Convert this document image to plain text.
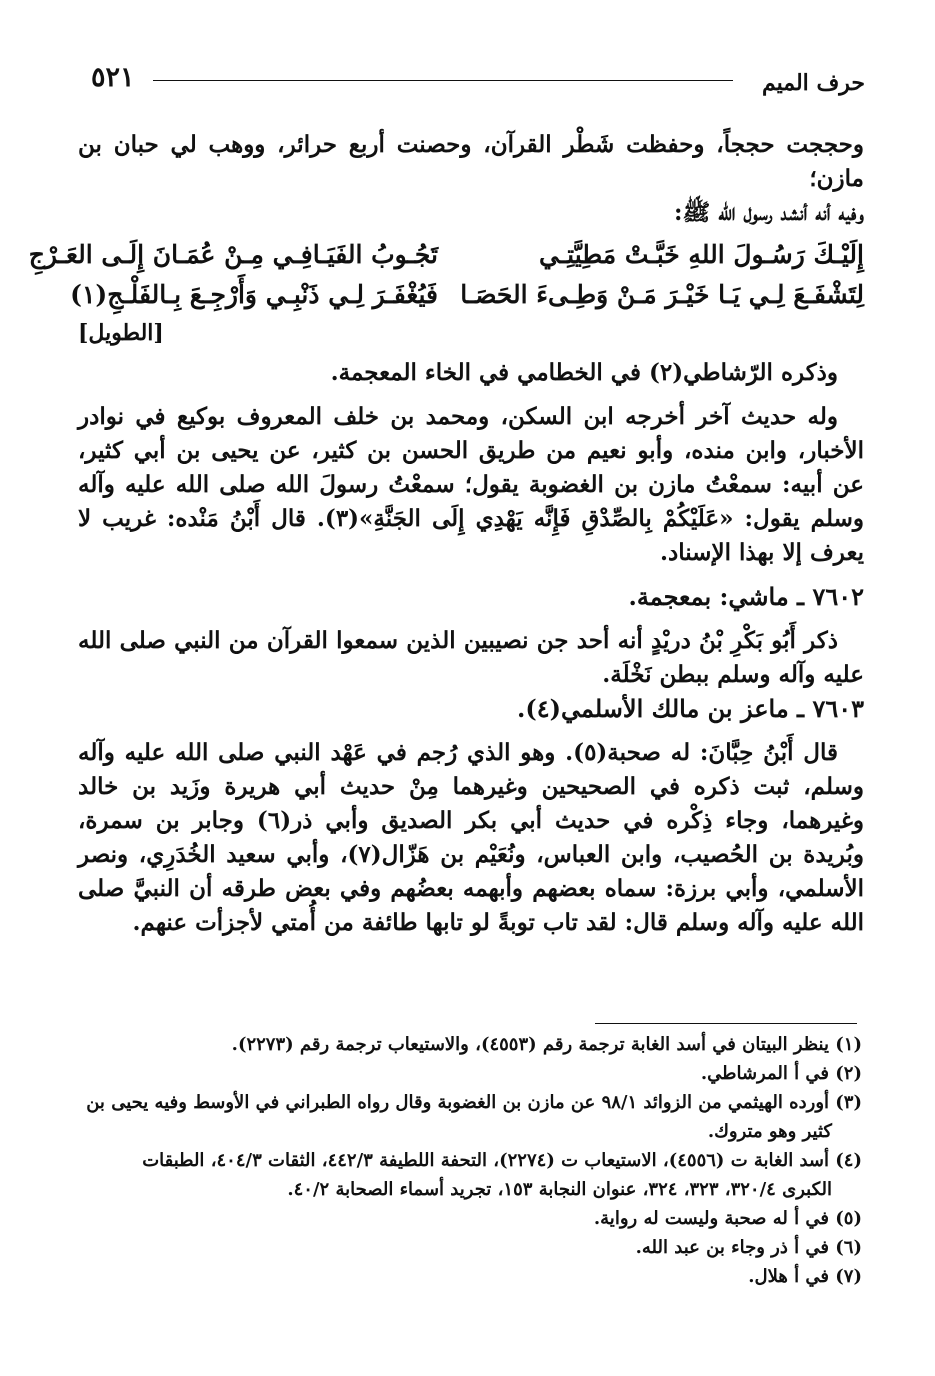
٥٢١	حرف الميم

وحججت حججاً، وحفظت شَطْر القرآن، وحصنت أربع حرائر، ووهب لي حبان بن مازن؛

وفيه أنه أنشد رسول الله ﷺ:

إِلَيْـكَ رَسُـولَ اللهِ خَبَّـتْ مَطِيَّتِـي
تَجُـوبُ الفَيَـافِـي مِـنْ عُمَـانَ إِلَـى العَـرْجِ
لِتَشْفَـعَ لِـي يَـا خَيْـرَ مَـنْ وَطِـىءَ الحَصَـا
فَيُغْفَـرَ لِـي ذَنْبِـي وَأَرْجِـعَ بِـالفَلْـجِ(١)
[الطويل]

وذكره الرّشاطي(٢) في الخطامي في الخاء المعجمة.

وله حديث آخر أخرجه ابن السكن، ومحمد بن خلف المعروف بوكيع في نوادر الأخبار، وابن منده، وأبو نعيم من طريق الحسن بن كثير، عن يحيى بن أبي كثير، عن أبيه: سمعْتُ مازن بن الغضوبة يقول؛ سمعْتُ رسولَ الله صلى الله عليه وآله وسلم يقول: «عَلَيْكُمْ بِالصِّدْقِ فَإِنَّه يَهْدِي إِلَى الجَنَّةِ»(٣). قال أَبْنُ مَنْده: غريب لا يعرف إلا بهذا الإسناد.

٧٦٠٢ ـ ماشي: بمعجمة.

ذكر أَبُو بَكْرِ بْنُ دريْدٍ أنه أحد جن نصيبين الذين سمعوا القرآن من النبي صلى الله عليه وآله وسلم ببطن نَخْلَة.

٧٦٠٣ ـ ماعز بن مالك الأسلمي(٤).

قال أَبْنُ حِبَّانَ: له صحبة(٥). وهو الذي رُجم في عَهْد النبي صلى الله عليه وآله وسلم، ثبت ذكره في الصحيحين وغيرهما مِنْ حديث أبي هريرة وزَيد بن خالد وغيرهما، وجاء ذِكْره في حديث أبي بكر الصديق وأبي ذر(٦) وجابر بن سمرة، وبُريدة بن الحُصيب، وابن العباس، ونُعَيْم بن هَزّال(٧)، وأبي سعيد الخُدَرِي، ونصر الأسلمي، وأبي برزة: سماه بعضهم وأبهمه بعضُهم وفي بعض طرقه أن النبيَّ صلى الله عليه وآله وسلم قال: لقد تاب توبةً لو تابها طائفة من أُمتي لأجزأت عنهم.

(١) ينظر البيتان في أسد الغابة ترجمة رقم (٤٥٥٣)، والاستيعاب ترجمة رقم (٢٢٧٣).

(٢) في أ المرشاطي.

(٣) أورده الهيثمي من الزوائد ٩٨/١ عن مازن بن الغضوبة وقال رواه الطبراني في الأوسط وفيه يحيى بن

كثير وهو متروك.

(٤) أسد الغابة ت (٤٥٥٦)، الاستيعاب ت (٢٢٧٤)، التحفة اللطيفة ٤٤٢/٣، الثقات ٤٠٤/٣، الطبقات

الكبرى ٣٢٠/٤، ٣٢٣، ٣٢٤، عنوان النجابة ١٥٣، تجريد أسماء الصحابة ٤٠/٢.

(٥) في أ له صحبة وليست له رواية.

(٦) في أ ذر وجاء بن عبد الله.

(٧) في أ هلال.
